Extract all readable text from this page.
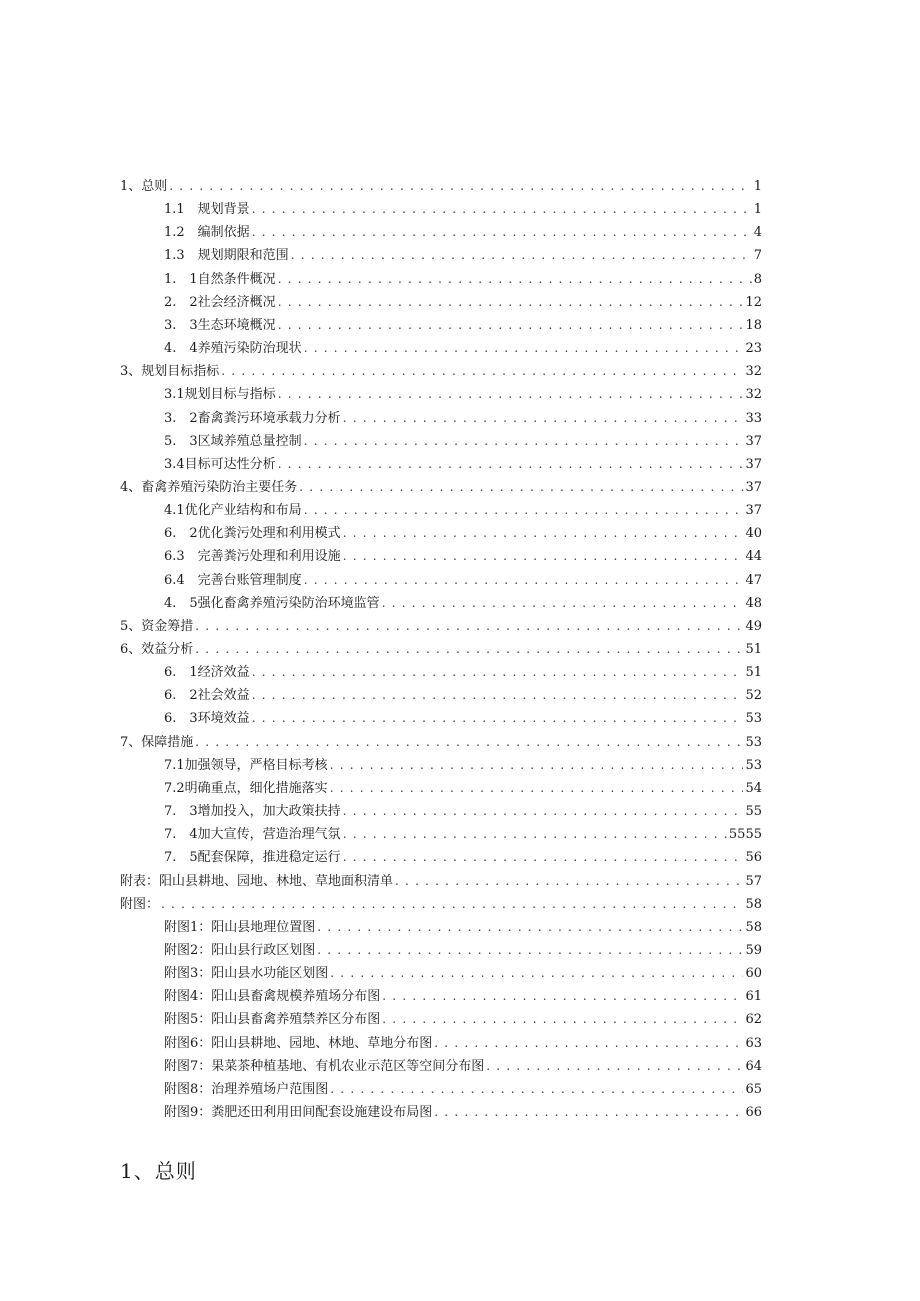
1、总则 . . .	1
1.1　规划背景 . . .	1
1.2　编制依据 . . .	4
1.3　规划期限和范围 . . .	7
1.　1自然条件概况 . . .	8
2.　2社会经济概况 . . .	12
3.　3生态环境概况 . . .	18
4.　4养殖污染防治现状 . . .	23
3、规划目标指标 . . .	32
3.1规划目标与指标 . . .	32
3.　2畜禽粪污环境承载力分析 . . .	33
5.　3区域养殖总量控制 . . .	37
3.4目标可达性分析 . . .	37
4、畜禽养殖污染防治主要任务 . . .	37
4.1优化产业结构和布局 . . .	37
6.　2优化粪污处理和利用模式 . . .	40
6.3　完善粪污处理和利用设施 . . .	44
6.4　完善台账管理制度 . . .	47
4.　5强化畜禽养殖污染防治环境监管 . . .	48
5、资金筹措 . . .	49
6、效益分析 . . .	51
6.　1经济效益 . . .	51
6.　2社会效益 . . .	52
6.　3环境效益 . . .	53
7、保障措施 . . .	53
7.1加强领导，严格目标考核 . . .	53
7.2明确重点，细化措施落实 . . .	54
7.　3增加投入，加大政策扶持 . . .	55
7.　4加大宣传，营造治理气氛 . . .	5555
7.　5配套保障，推进稳定运行 . . .	56
附表：阳山县耕地、园地、林地、草地面积清单 . . .	57
附图： . . .	58
附图1：阳山县地理位置图 . . .	58
附图2：阳山县行政区划图 . . .	59
附图3：阳山县水功能区划图 . . .	60
附图4：阳山县畜禽规模养殖场分布图 . . .	61
附图5：阳山县畜禽养殖禁养区分布图 . . .	62
附图6：阳山县耕地、园地、林地、草地分布图 . . .	63
附图7：果菜茶种植基地、有机农业示范区等空间分布图 . . .	64
附图8：治理养殖场户范围图 . . .	65
附图9：粪肥还田利用田间配套设施建设布局图 . . .	66
1、总则
